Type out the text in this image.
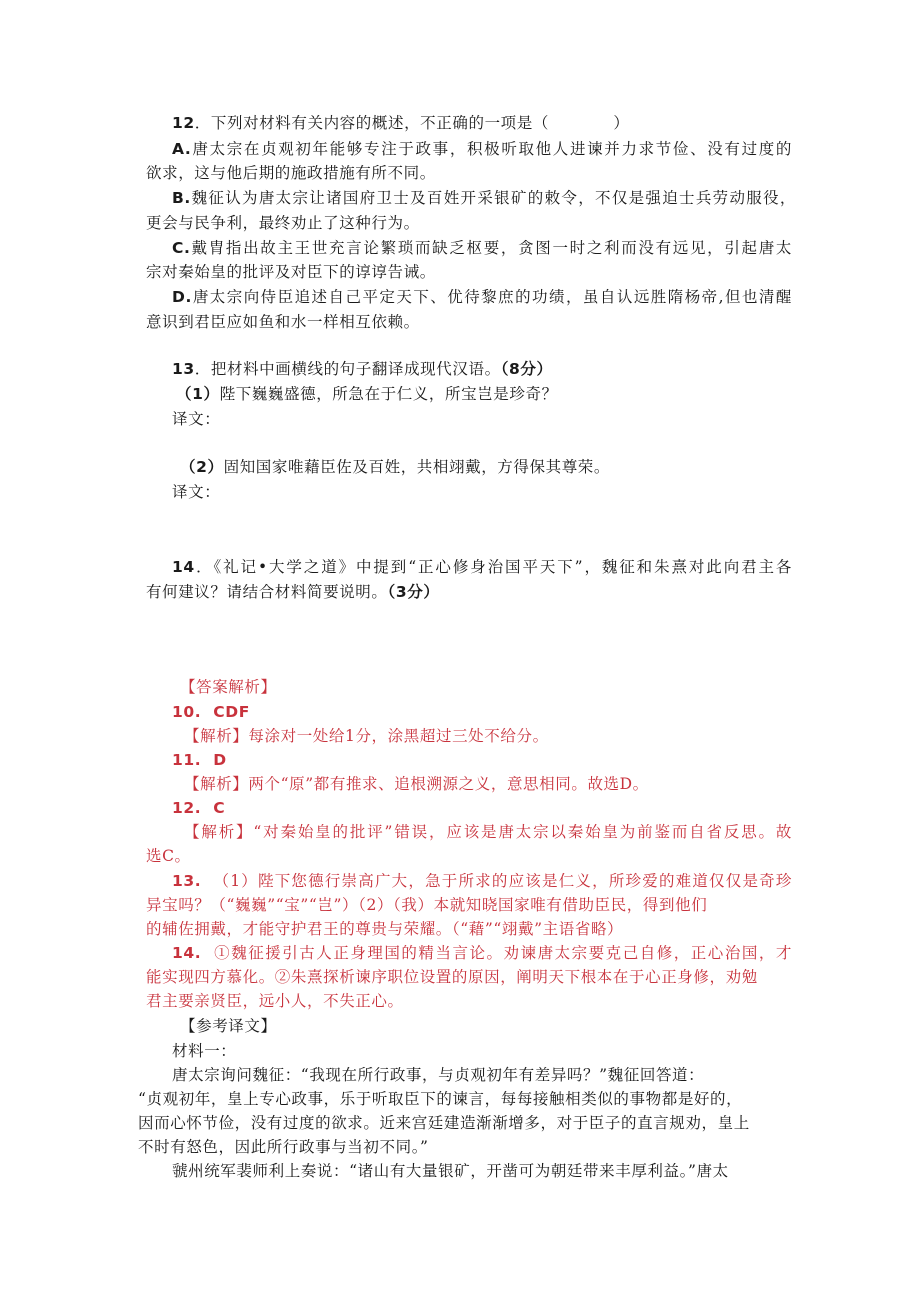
12．下列对材料有关内容的概述，不正确的一项是（　　　　）
A.唐太宗在贞观初年能够专注于政事，积极听取他人进谏并力求节俭、没有过度的
欲求，这与他后期的施政措施有所不同。
B.魏征认为唐太宗让诸国府卫士及百姓开采银矿的敕令，不仅是强迫士兵劳动服役，
更会与民争利，最终劝止了这种行为。
C.戴胄指出故主王世充言论繁琐而缺乏枢要，贪图一时之利而没有远见，引起唐太
宗对秦始皇的批评及对臣下的谆谆告诫。
D.唐太宗向侍臣追述自己平定天下、优待黎庶的功绩，虽自认远胜隋杨帝,但也清醒
意识到君臣应如鱼和水一样相互依赖。
13．把材料中画横线的句子翻译成现代汉语。（8分）
（1）陛下巍巍盛德，所急在于仁义，所宝岂是珍奇？
译文：
（2）固知国家唯藉臣佐及百姓，共相翊戴，方得保其尊荣。
译文：
14．《礼记•大学之道》中提到“正心修身治国平天下”，魏征和朱熹对此向君主各
有何建议？请结合材料简要说明。（3分）
【答案解析】
10. CDF
【解析】每涂对一处给1分，涂黑超过三处不给分。
11. D
【解析】两个“原”都有推求、追根溯源之义，意思相同。故选D。
12. C
【解析】“对秦始皇的批评”错误，应该是唐太宗以秦始皇为前鉴而自省反思。故
选C。
13. （1）陛下您德行崇高广大，急于所求的应该是仁义，所珍爱的难道仅仅是奇珍
异宝吗？（“巍巍”“宝”“岂”）（2）（我）本就知晓国家唯有借助臣民，得到他们
的辅佐拥戴，才能守护君王的尊贵与荣耀。（“藉”“翊戴”主语省略）
14. ①魏征援引古人正身理国的精当言论。劝谏唐太宗要克己自修，正心治国，才
能实现四方慕化。②朱熹探析谏序职位设置的原因，阐明天下根本在于心正身修，劝勉
君主要亲贤臣，远小人，不失正心。
【参考译文】
材料一：
唐太宗询问魏征：“我现在所行政事，与贞观初年有差异吗？”魏征回答道：
“贞观初年，皇上专心政事，乐于听取臣下的谏言，每每接触相类似的事物都是好的，
因而心怀节俭，没有过度的欲求。近来宫廷建造渐渐增多，对于臣子的直言规劝，皇上
不时有怒色，因此所行政事与当初不同。”
虢州统军裴师利上奏说：“诸山有大量银矿，开凿可为朝廷带来丰厚利益。”唐太
